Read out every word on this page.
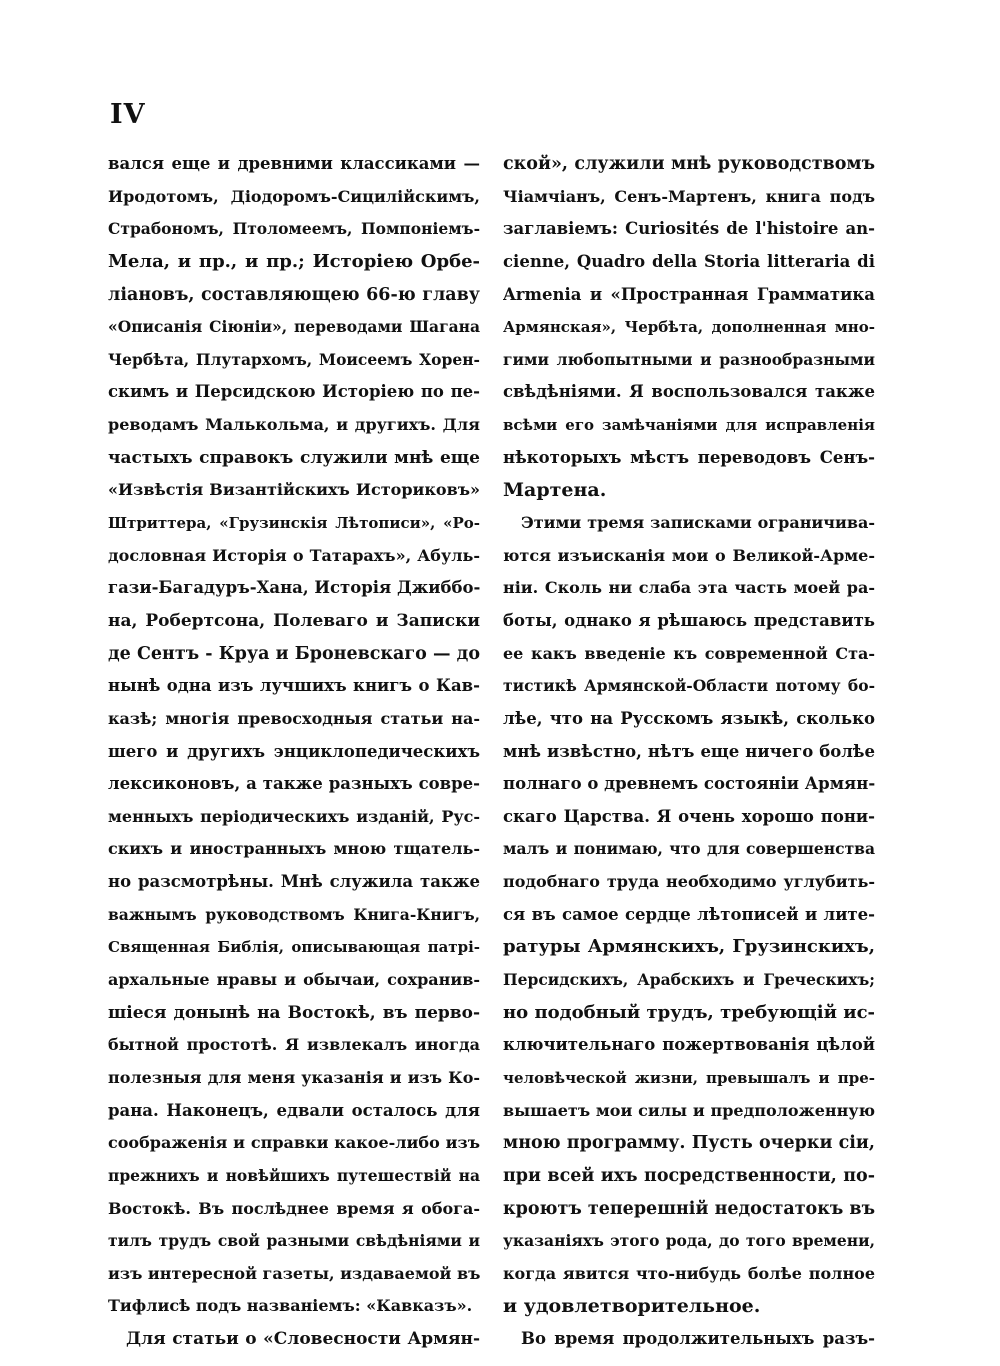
IV
вался еще и древними классиками —
Иродотомъ, Діодоромъ-Сицилійскимъ,
Страбономъ, Птоломеемъ, Помпоніемъ-
Мела, и пр., и пр.; Исторіею Орбе-
ліановъ, составляющею 66-ю главу
«Описанія Сіюніи», переводами Шагана
Чербѣта, Плутархомъ, Моисеемъ Хорен-
скимъ и Персидскою Исторіею по пе-
реводамъ Малькольма, и другихъ. Для
частыхъ справокъ служили мнѣ еще
«Извѣстія Византійскихъ Историковъ»
Штриттера, «Грузинскія Лѣтописи», «Ро-
дословная Исторія о Татарахъ», Абуль-
гази-Багадуръ-Хана, Исторія Джиббо-
на, Робертсона, Полеваго и Записки
де Сентъ - Круа и Броневскаго — до
нынѣ одна изъ лучшихъ книгъ о Кав-
казѣ; многія превосходныя статьи на-
шего и другихъ энциклопедическихъ
лексиконовъ, а также разныхъ совре-
менныхъ періодическихъ изданій, Рус-
скихъ и иностранныхъ мною тщатель-
но разсмотрѣны. Мнѣ служила также
важнымъ руководствомъ Книга-Книгъ,
Священная Библія, описывающая патрі-
архальные нравы и обычаи, сохранив-
шіеся донынѣ на Востокѣ, въ перво-
бытной простотѣ. Я извлекалъ иногда
полезныя для меня указанія и изъ Ко-
рана. Наконецъ, едвали осталось для
соображенія и справки какое-либо изъ
прежнихъ и новѣйшихъ путешествій на
Востокѣ. Въ послѣднее время я обога-
тилъ трудъ свой разными свѣдѣніями и
изъ интересной газеты, издаваемой въ
Тифлисѣ подъ названіемъ: «Кавказъ».
Для статьи о «Словесности Армян-
ской», служили мнѣ руководствомъ
Чіамчіанъ, Сенъ-Мартенъ, книга подъ
заглавіемъ: Curiosités de l'histoire an-
cienne, Quadro della Storia litteraria di
Armenia и «Пространная Грамматика
Армянская», Чербѣта, дополненная мно-
гими любопытными и разнообразными
свѣдѣніями. Я воспользовался также
всѣми его замѣчаніями для исправленія
нѣкоторыхъ мѣстъ переводовъ Сенъ-
Мартена.
Этими тремя записками ограничива-
ются изъисканія мои о Великой-Арме-
ніи. Сколь ни слаба эта часть моей ра-
боты, однако я рѣшаюсь представить
ее какъ введеніе къ современной Ста-
тистикѣ Армянской-Области потому бо-
лѣе, что на Русскомъ языкѣ, сколько
мнѣ извѣстно, нѣтъ еще ничего болѣе
полнаго о древнемъ состояніи Армян-
скаго Царства. Я очень хорошо пони-
малъ и понимаю, что для совершенства
подобнаго труда необходимо углубить-
ся въ самое сердце лѣтописей и лите-
ратуры Армянскихъ, Грузинскихъ,
Персидскихъ, Арабскихъ и Греческихъ;
но подобный трудъ, требующій ис-
ключительнаго пожертвованія цѣлой
человѣческой жизни, превышалъ и пре-
вышаетъ мои силы и предположенную
мною программу. Пусть очерки сіи,
при всей ихъ посредственности, по-
кроютъ теперешній недостатокъ въ
указаніяхъ этого рода, до того времени,
когда явится что-нибудь болѣе полное
и удовлетворительное.
Во время продолжительныхъ разъ-
